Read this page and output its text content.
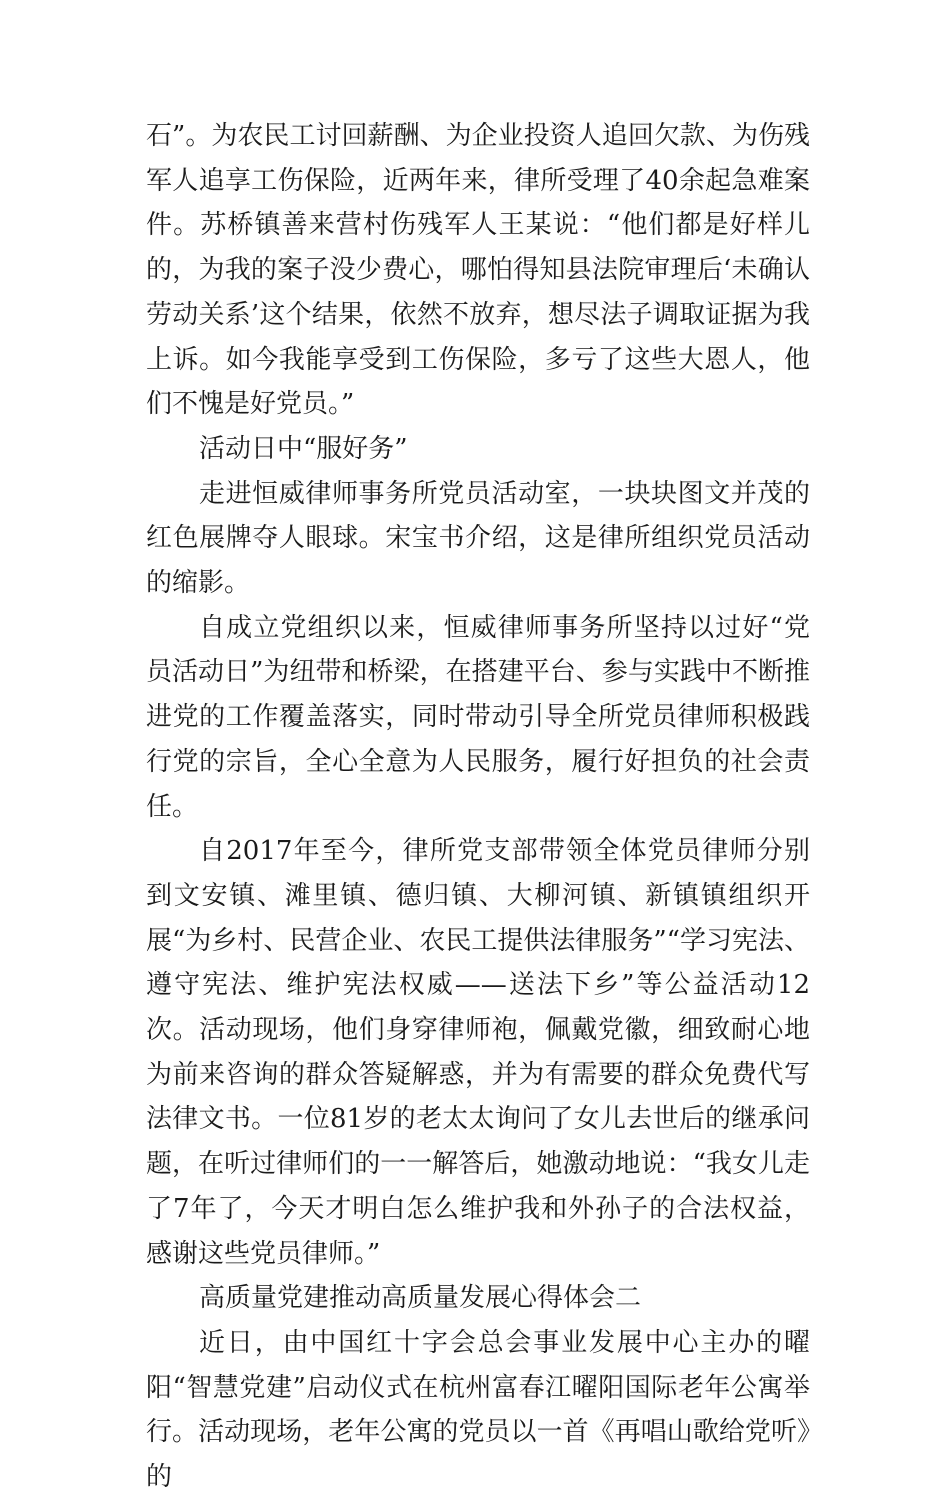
石”。为农民工讨回薪酬、为企业投资人追回欠款、为伤残军人追享工伤保险，近两年来，律所受理了40余起急难案件。苏桥镇善来营村伤残军人王某说：“他们都是好样儿的，为我的案子没少费心，哪怕得知县法院审理后‘未确认劳动关系’这个结果，依然不放弃，想尽法子调取证据为我上诉。如今我能享受到工伤保险，多亏了这些大恩人，他们不愧是好党员。”

活动日中“服好务”

走进恒威律师事务所党员活动室，一块块图文并茂的红色展牌夺人眼球。宋宝书介绍，这是律所组织党员活动的缩影。

自成立党组织以来，恒威律师事务所坚持以过好“党员活动日”为纽带和桥梁，在搭建平台、参与实践中不断推进党的工作覆盖落实，同时带动引导全所党员律师积极践行党的宗旨，全心全意为人民服务，履行好担负的社会责任。

自2017年至今，律所党支部带领全体党员律师分别到文安镇、滩里镇、德归镇、大柳河镇、新镇镇组织开展“为乡村、民营企业、农民工提供法律服务”“学习宪法、遵守宪法、维护宪法权威——送法下乡”等公益活动12次。活动现场，他们身穿律师袍，佩戴党徽，细致耐心地为前来咨询的群众答疑解惑，并为有需要的群众免费代写法律文书。一位81岁的老太太询问了女儿去世后的继承问题，在听过律师们的一一解答后，她激动地说：“我女儿走了7年了，今天才明白怎么维护我和外孙子的合法权益，感谢这些党员律师。”

高质量党建推动高质量发展心得体会二

近日，由中国红十字会总会事业发展中心主办的曜阳“智慧党建”启动仪式在杭州富春江曜阳国际老年公寓举行。活动现场，老年公寓的党员以一首《再唱山歌给党听》的
